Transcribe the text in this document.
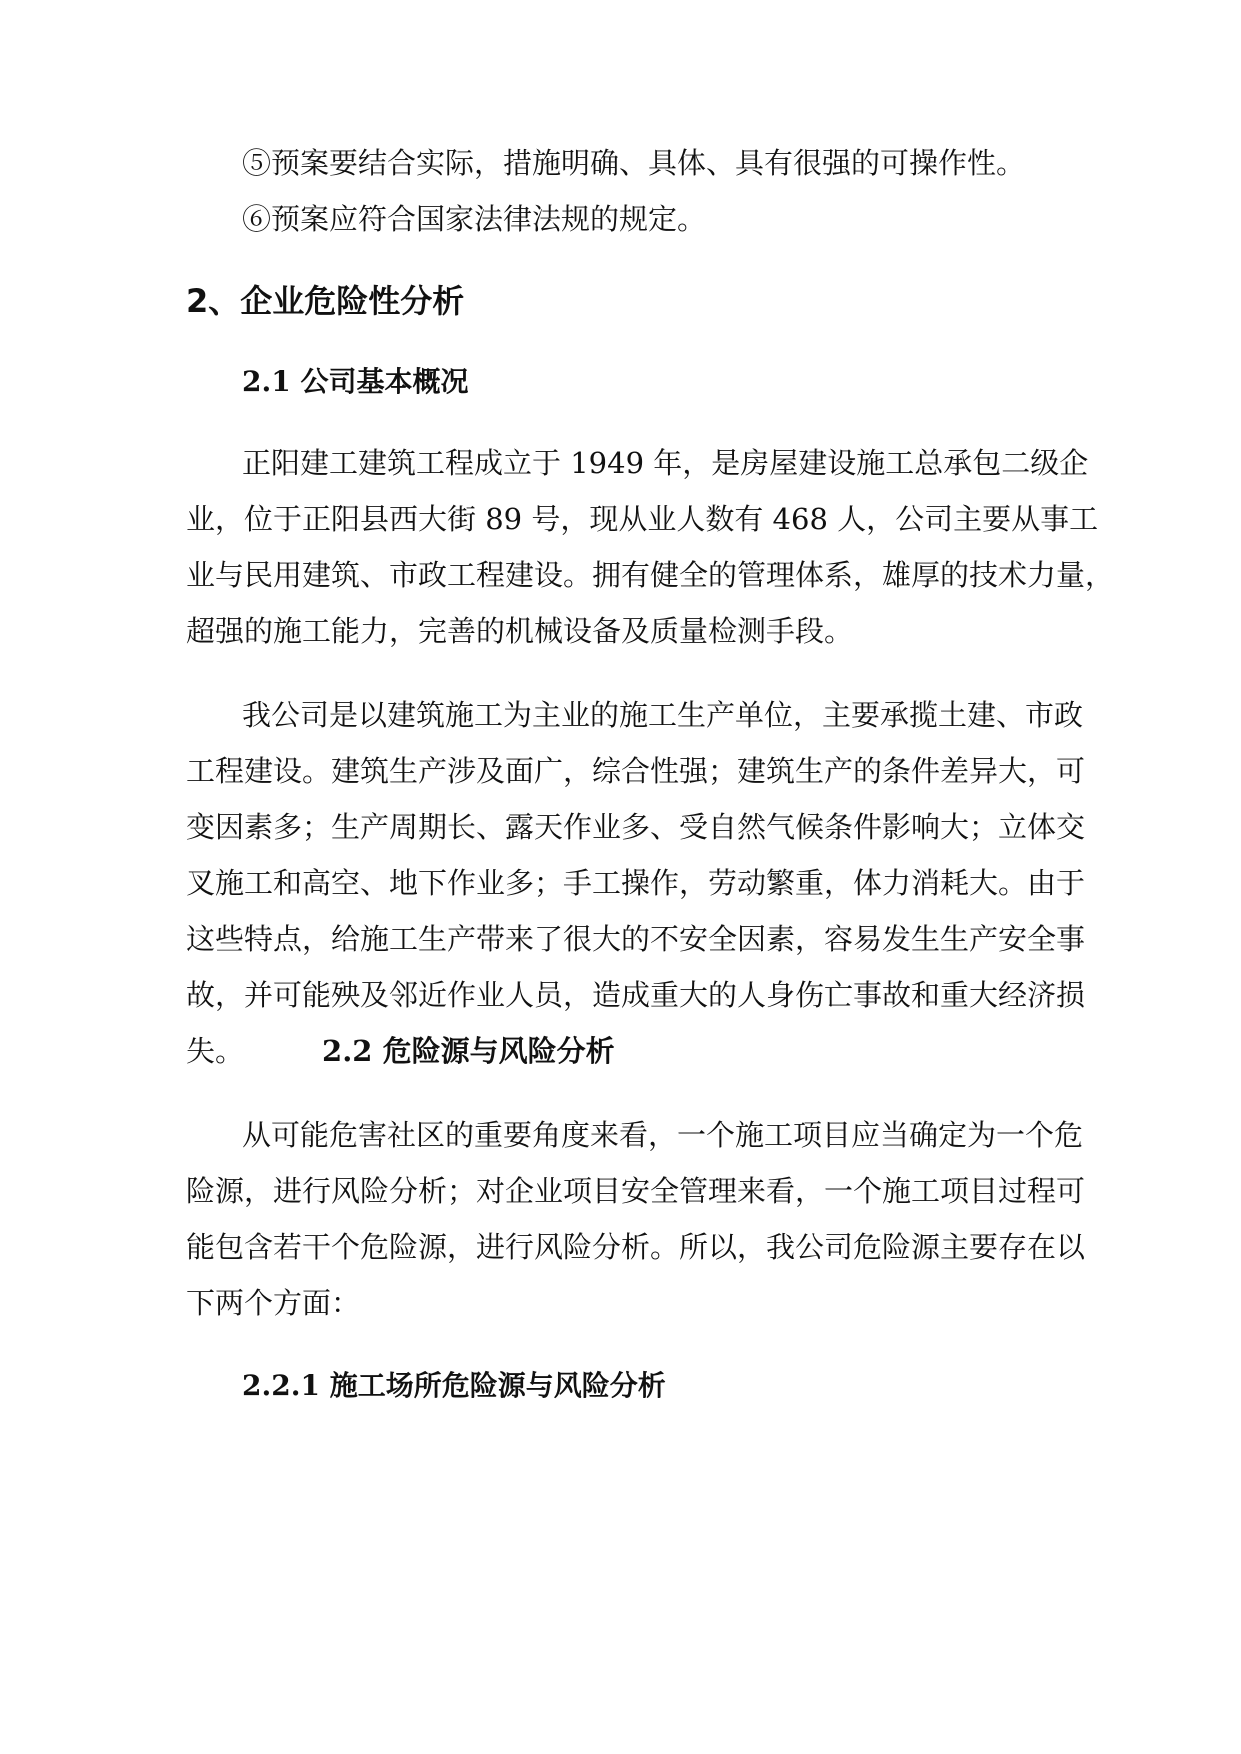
⑤预案要结合实际，措施明确、具体、具有很强的可操作性。
⑥预案应符合国家法律法规的规定。
2、企业危险性分析
2.1 公司基本概况
正阳建工建筑工程成立于 1949 年，是房屋建设施工总承包二级企
业，位于正阳县西大街 89 号，现从业人数有 468 人，公司主要从事工
业与民用建筑、市政工程建设。拥有健全的管理体系，雄厚的技术力量，
超强的施工能力，完善的机械设备及质量检测手段。
我公司是以建筑施工为主业的施工生产单位，主要承揽土建、市政
工程建设。建筑生产涉及面广，综合性强；建筑生产的条件差异大，可
变因素多；生产周期长、露天作业多、受自然气候条件影响大；立体交
叉施工和高空、地下作业多；手工操作，劳动繁重，体力消耗大。由于
这些特点，给施工生产带来了很大的不安全因素，容易发生生产安全事
故，并可能殃及邻近作业人员，造成重大的人身伤亡事故和重大经济损
失。	2.2 危险源与风险分析
从可能危害社区的重要角度来看，一个施工项目应当确定为一个危
险源，进行风险分析；对企业项目安全管理来看，一个施工项目过程可
能包含若干个危险源，进行风险分析。所以，我公司危险源主要存在以
下两个方面：
2.2.1 施工场所危险源与风险分析
